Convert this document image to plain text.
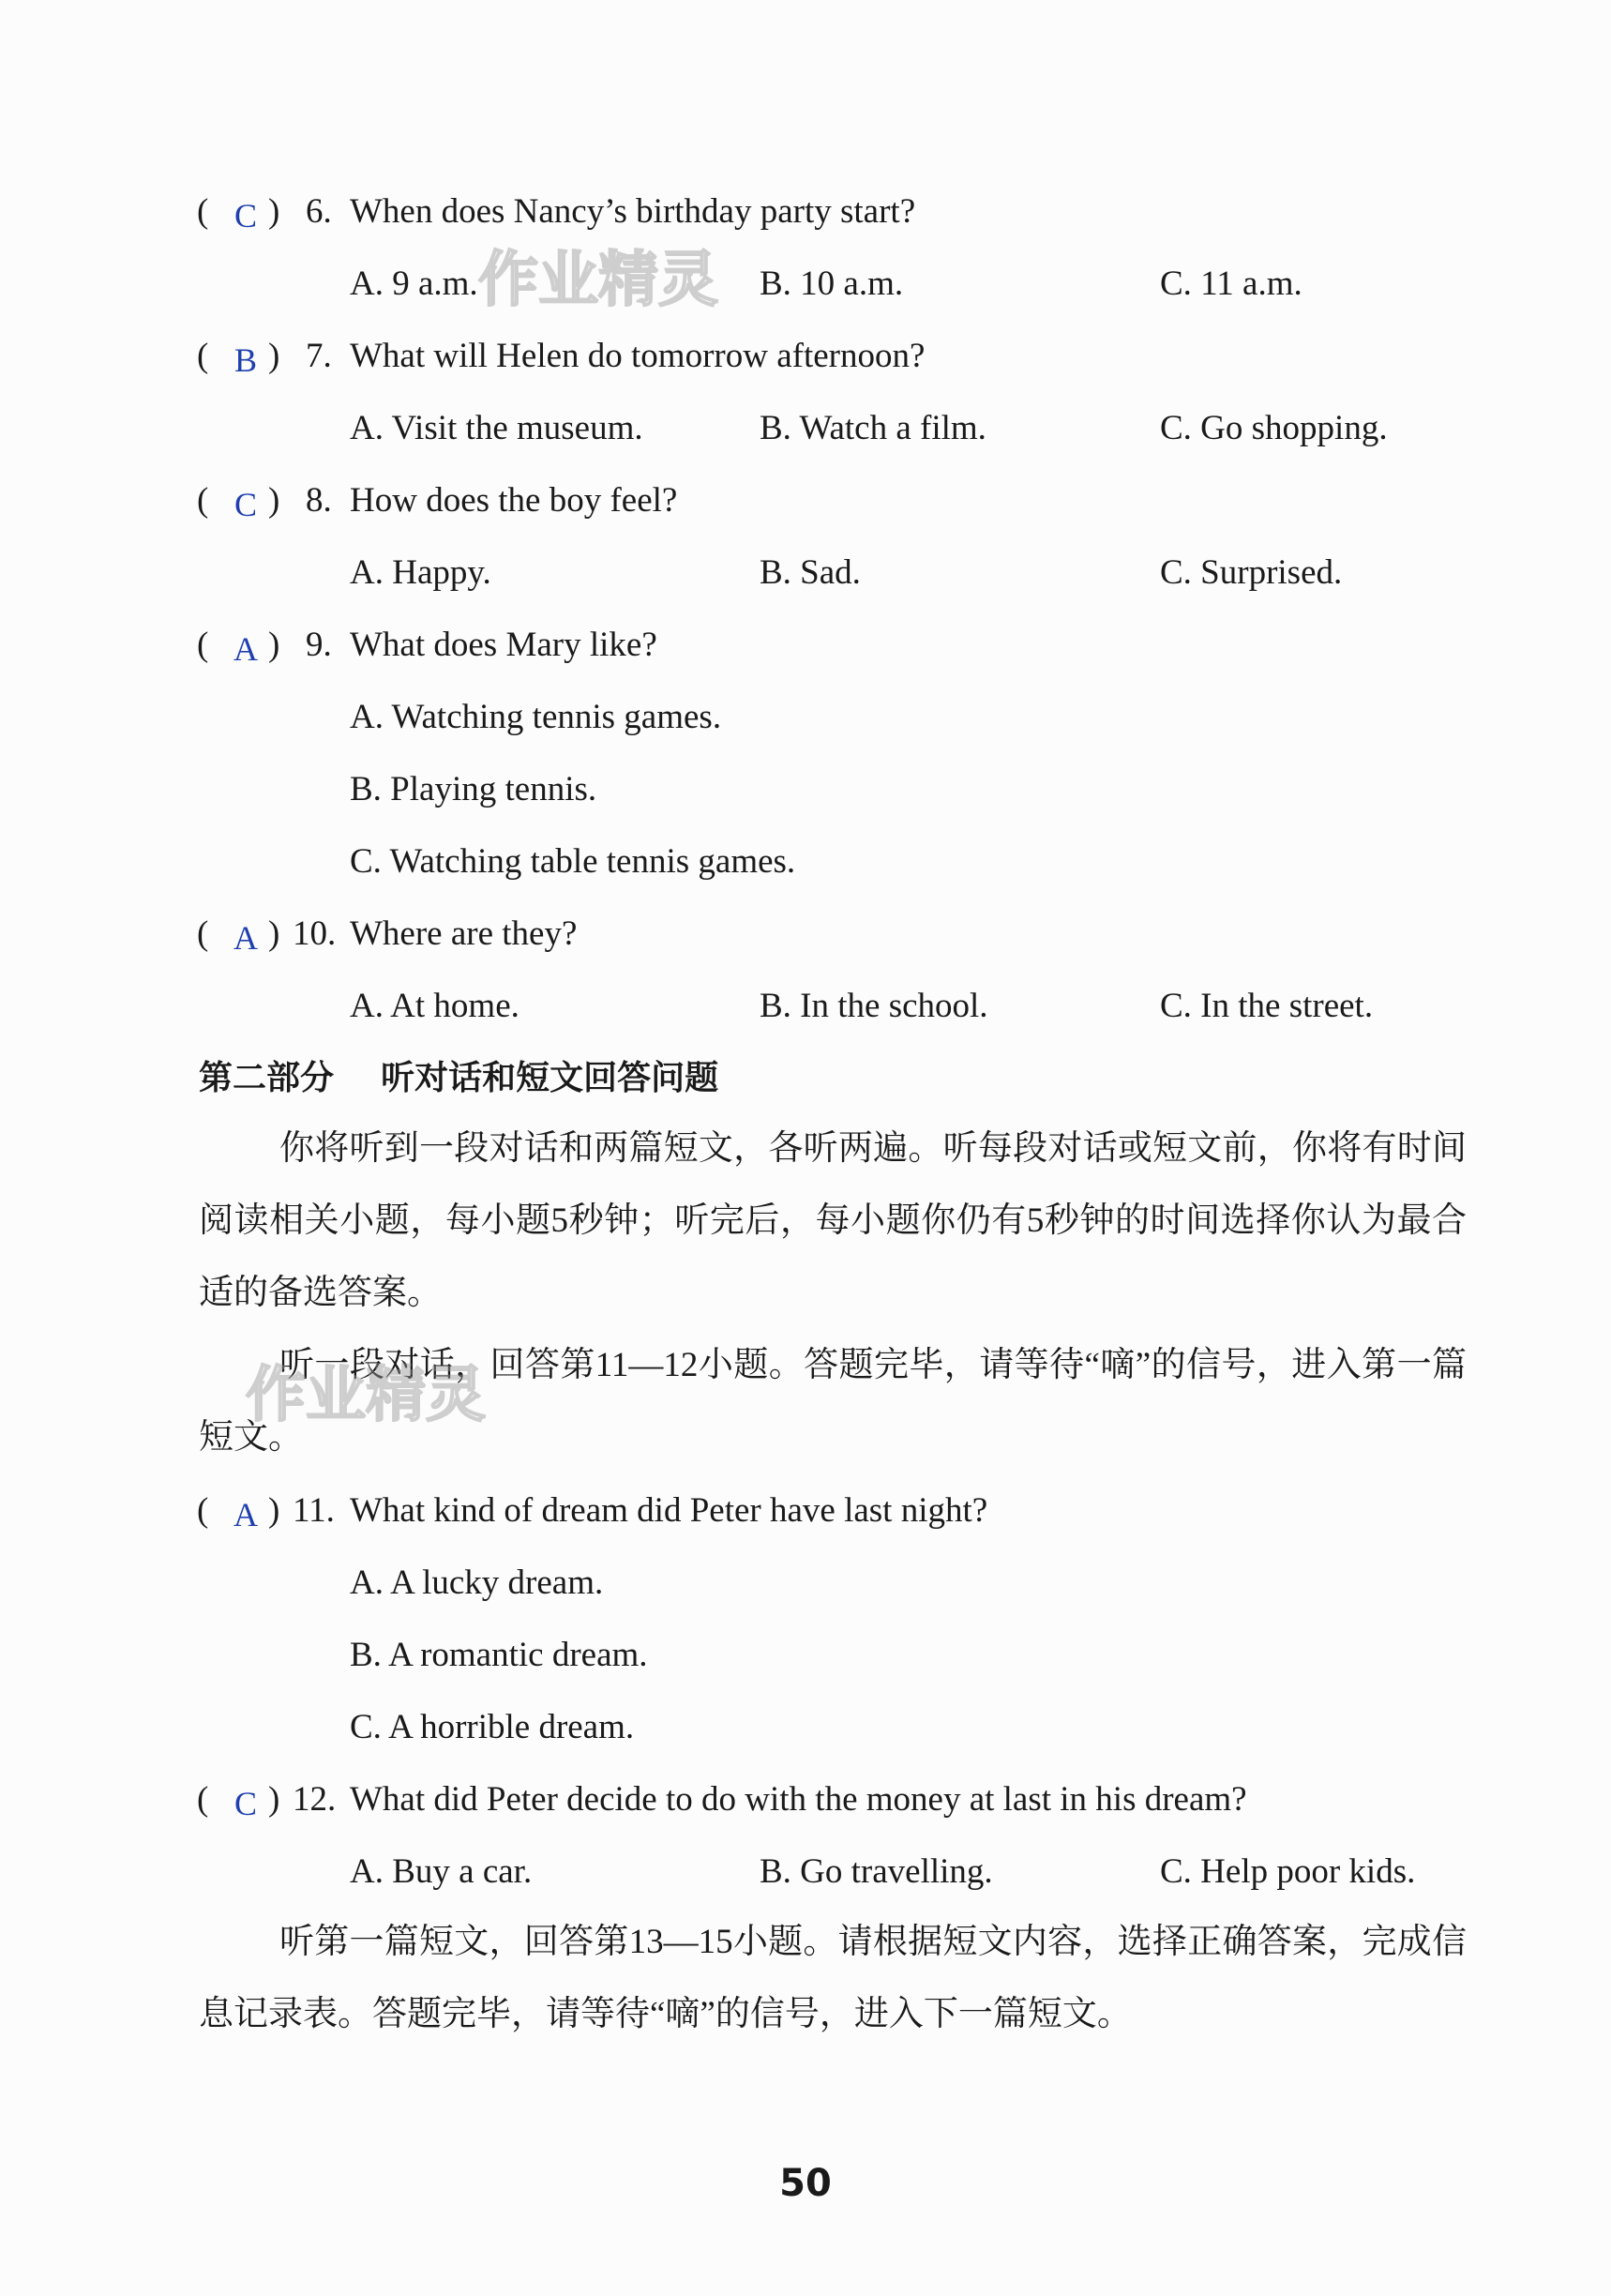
( C ) 6. When does Nancy’s birthday party start?
A. 9 a.m.	B. 10 a.m.	C. 11 a.m.
( B ) 7. What will Helen do tomorrow afternoon?
A. Visit the museum.	B. Watch a film.	C. Go shopping.
( C ) 8. How does the boy feel?
A. Happy.	B. Sad.	C. Surprised.
( A ) 9. What does Mary like?
A. Watching tennis games.
B. Playing tennis.
C. Watching table tennis games.
( A ) 10. Where are they?
A. At home.	B. In the school.	C. In the street.
第二部分    听对话和短文回答问题
你将听到一段对话和两篇短文，各听两遍。听每段对话或短文前，你将有时间阅读相关小题，每小题5秒钟；听完后，每小题你仍有5秒钟的时间选择你认为最合适的备选答案。
听一段对话，回答第11—12小题。答题完毕，请等待“嘀”的信号，进入第一篇短文。
( A ) 11. What kind of dream did Peter have last night?
A. A lucky dream.
B. A romantic dream.
C. A horrible dream.
( C ) 12. What did Peter decide to do with the money at last in his dream?
A. Buy a car.	B. Go travelling.	C. Help poor kids.
听第一篇短文，回答第13—15小题。请根据短文内容，选择正确答案，完成信息记录表。答题完毕，请等待“嘀”的信号，进入下一篇短文。
作业精灵
作业精灵
50
